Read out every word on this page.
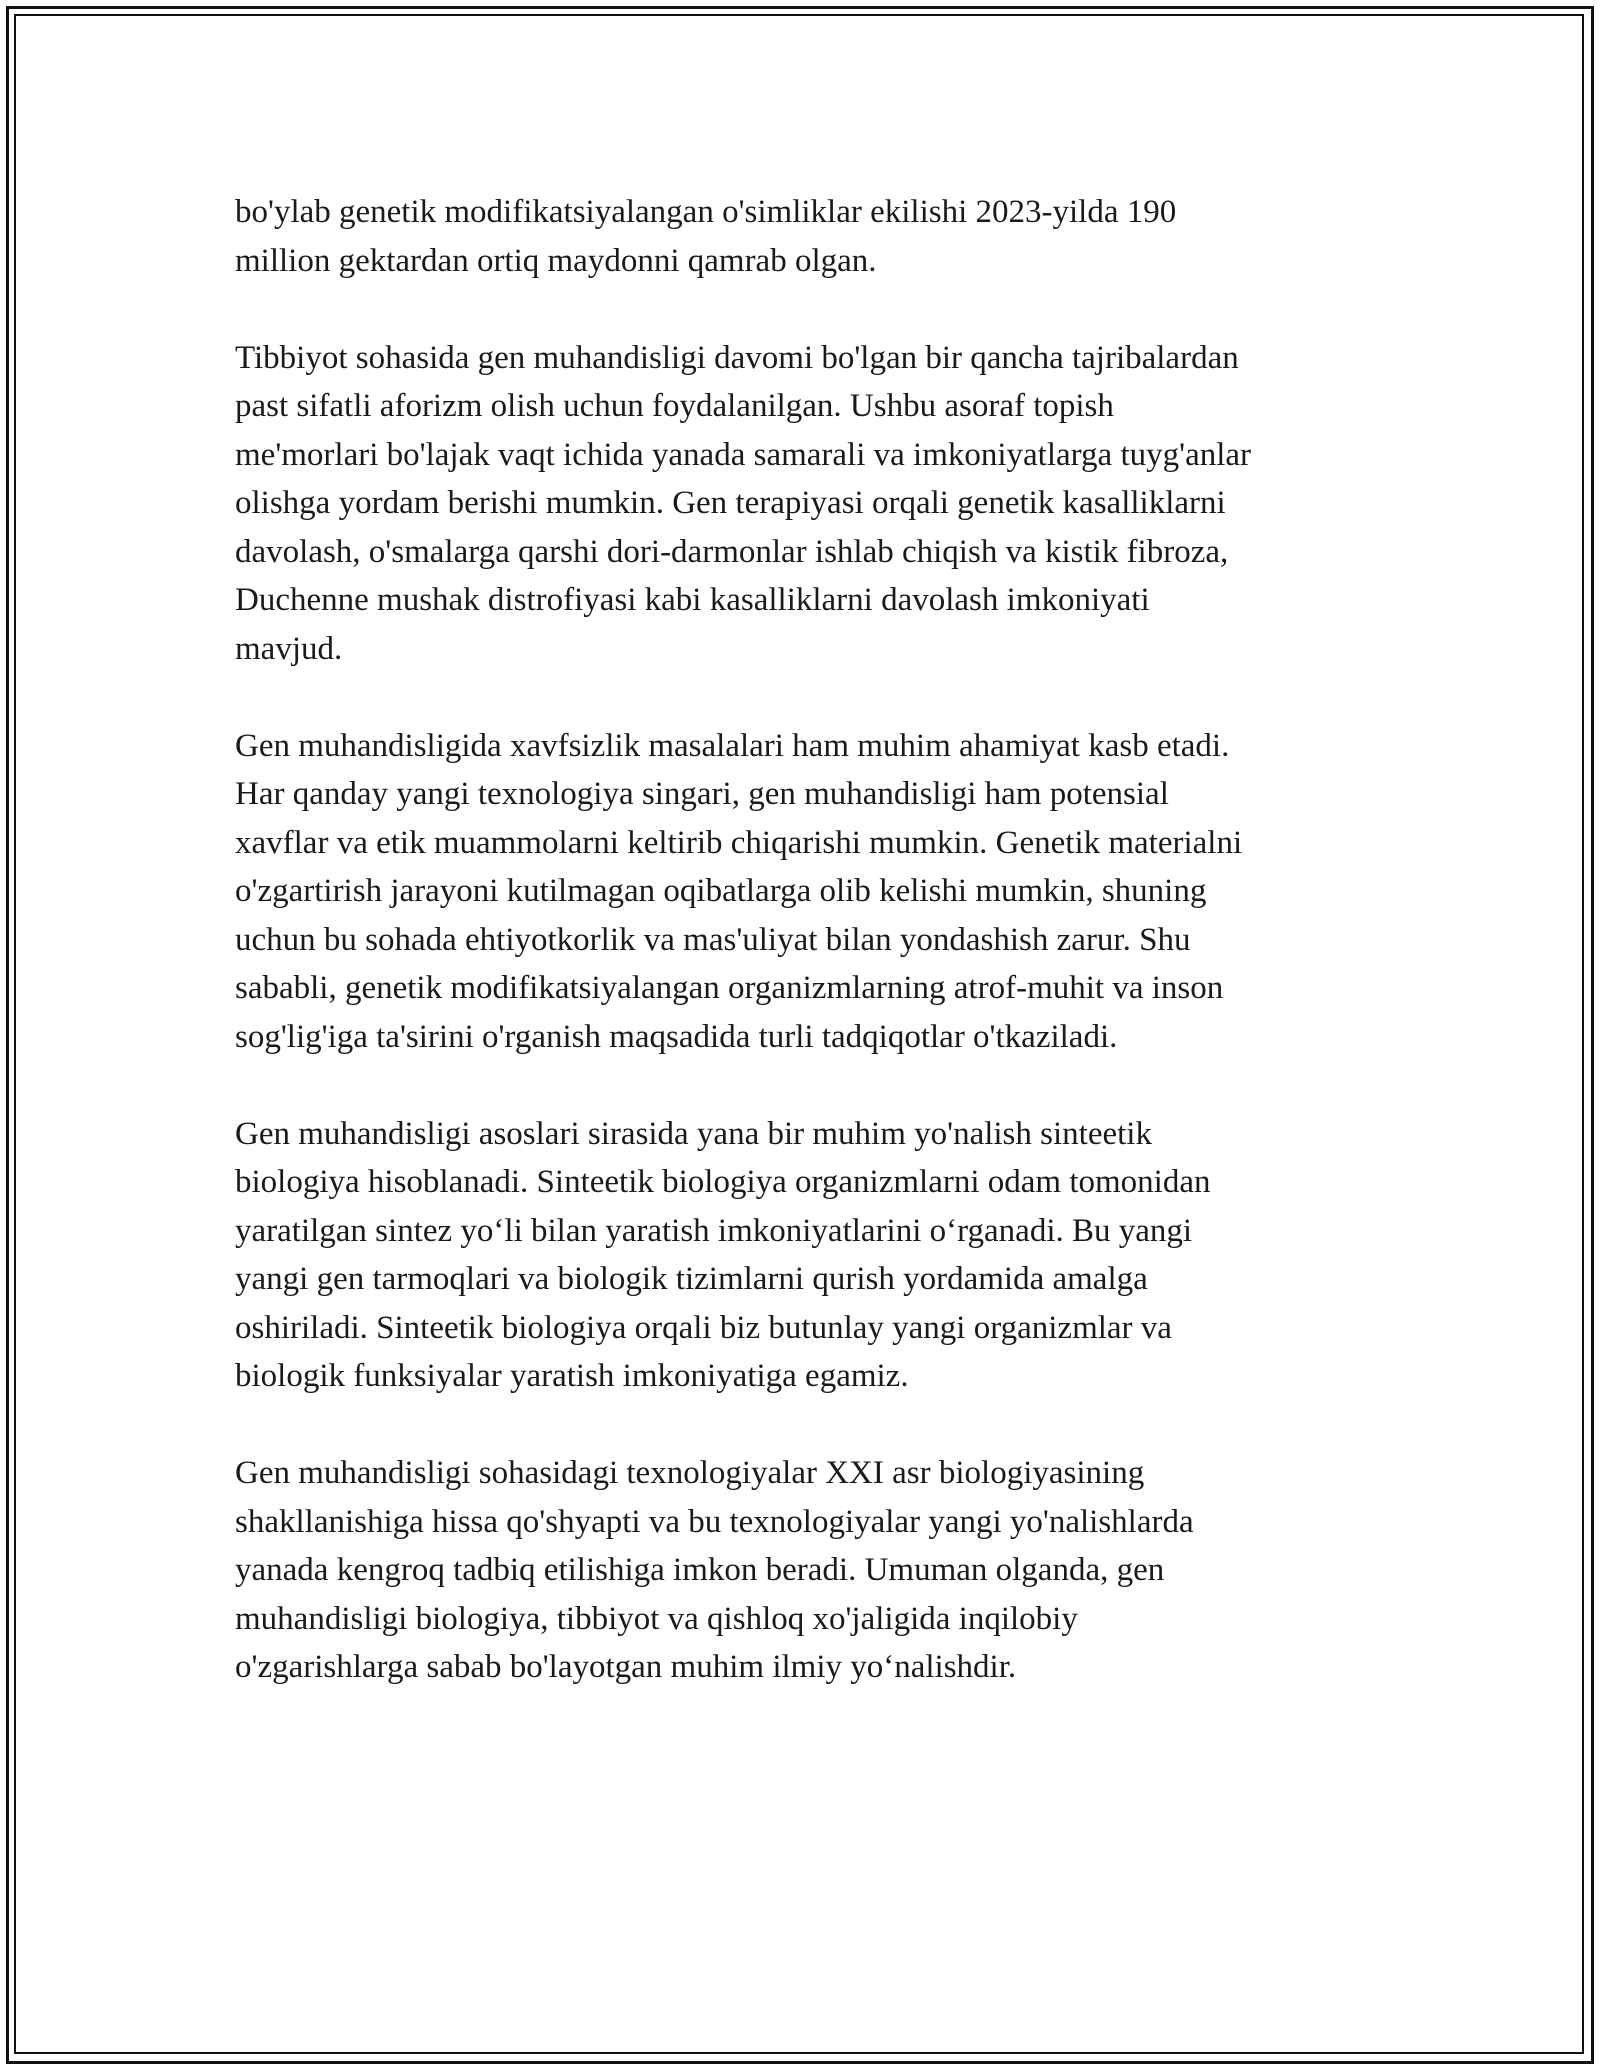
bo'ylab genetik modifikatsiyalangan o'simliklar ekilishi 2023-yilda 190
million gektardan ortiq maydonni qamrab olgan.

Tibbiyot sohasida gen muhandisligi davomi bo'lgan bir qancha tajribalardan
past sifatli aforizm olish uchun foydalanilgan. Ushbu asoraf topish
me'morlari bo'lajak vaqt ichida yanada samarali va imkoniyatlarga tuyg'anlar
olishga yordam berishi mumkin. Gen terapiyasi orqali genetik kasalliklarni
davolash, o'smalarga qarshi dori-darmonlar ishlab chiqish va kistik fibroza,
Duchenne mushak distrofiyasi kabi kasalliklarni davolash imkoniyati
mavjud.

Gen muhandisligida xavfsizlik masalalari ham muhim ahamiyat kasb etadi.
Har qanday yangi texnologiya singari, gen muhandisligi ham potensial
xavflar va etik muammolarni keltirib chiqarishi mumkin. Genetik materialni
o'zgartirish jarayoni kutilmagan oqibatlarga olib kelishi mumkin, shuning
uchun bu sohada ehtiyotkorlik va mas'uliyat bilan yondashish zarur. Shu
sababli, genetik modifikatsiyalangan organizmlarning atrof-muhit va inson
sog'lig'iga ta'sirini o'rganish maqsadida turli tadqiqotlar o'tkaziladi.

Gen muhandisligi asoslari sirasida yana bir muhim yo'nalish sinteetik
biologiya hisoblanadi. Sinteetik biologiya organizmlarni odam tomonidan
yaratilgan sintez yo‘li bilan yaratish imkoniyatlarini o‘rganadi. Bu yangi
yangi gen tarmoqlari va biologik tizimlarni qurish yordamida amalga
oshiriladi. Sinteetik biologiya orqali biz butunlay yangi organizmlar va
biologik funksiyalar yaratish imkoniyatiga egamiz.

Gen muhandisligi sohasidagi texnologiyalar XXI asr biologiyasining
shakllanishiga hissa qo'shyapti va bu texnologiyalar yangi yo'nalishlarda
yanada kengroq tadbiq etilishiga imkon beradi. Umuman olganda, gen
muhandisligi biologiya, tibbiyot va qishloq xo'jaligida inqilobiy
o'zgarishlarga sabab bo'layotgan muhim ilmiy yo‘nalishdir.
